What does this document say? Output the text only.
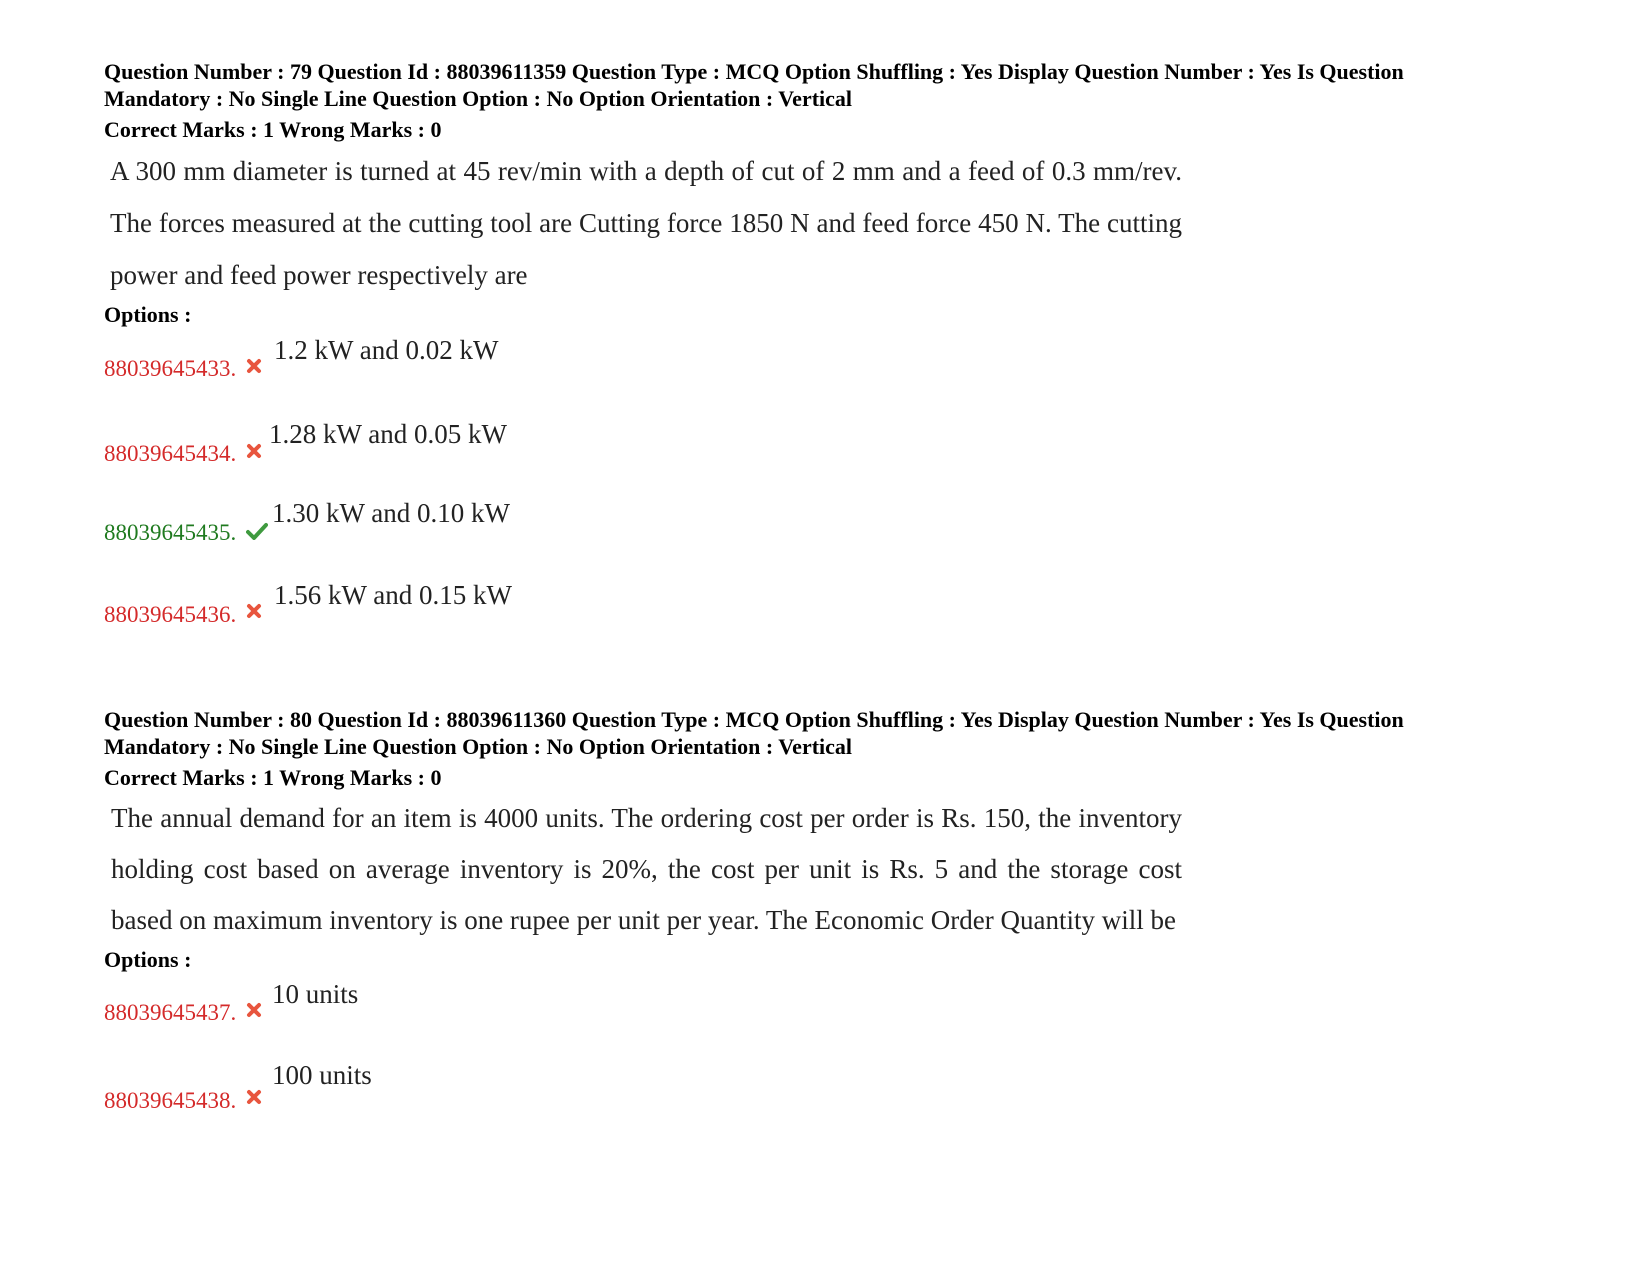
Question Number : 79 Question Id : 88039611359 Question Type : MCQ Option Shuffling : Yes Display Question Number : Yes Is Question
Mandatory : No Single Line Question Option : No Option Orientation : Vertical
Correct Marks : 1 Wrong Marks : 0
A 300 mm diameter is turned at 45 rev/min with a depth of cut of 2 mm and a feed of 0.3 mm/rev. The forces measured at the cutting tool are Cutting force 1850 N and feed force 450 N. The cutting power and feed power respectively are
Options :
88039645433.
1.2 kW and 0.02 kW
88039645434.
1.28 kW and 0.05 kW
88039645435.
1.30 kW and 0.10 kW
88039645436.
1.56 kW and 0.15 kW
Question Number : 80 Question Id : 88039611360 Question Type : MCQ Option Shuffling : Yes Display Question Number : Yes Is Question
Mandatory : No Single Line Question Option : No Option Orientation : Vertical
Correct Marks : 1 Wrong Marks : 0
The annual demand for an item is 4000 units. The ordering cost per order is Rs. 150, the inventory holding cost based on average inventory is 20%, the cost per unit is Rs. 5 and the storage cost based on maximum inventory is one rupee per unit per year. The Economic Order Quantity will be
Options :
88039645437.
10 units
88039645438.
100 units
